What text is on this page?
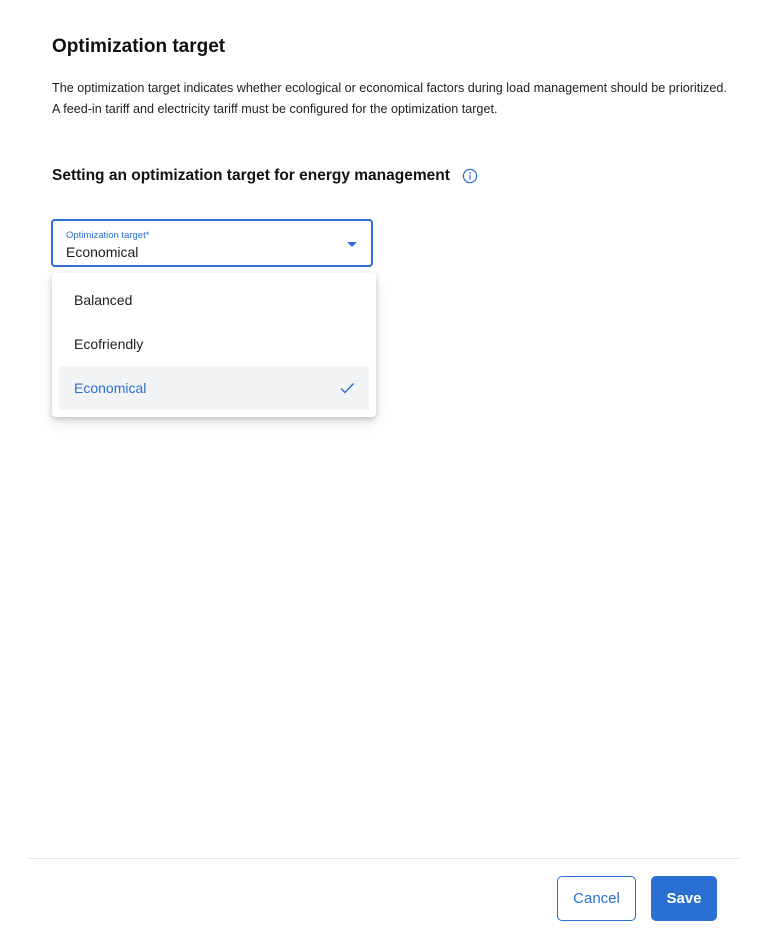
Optimization target

The optimization target indicates whether ecological or economical factors during load management should be prioritized. A feed-in tariff and electricity tariff must be configured for the optimization target.

Setting an optimization target for energy management
Optimization target*
Economical
Balanced
Ecofriendly
Economical
Cancel	Save
